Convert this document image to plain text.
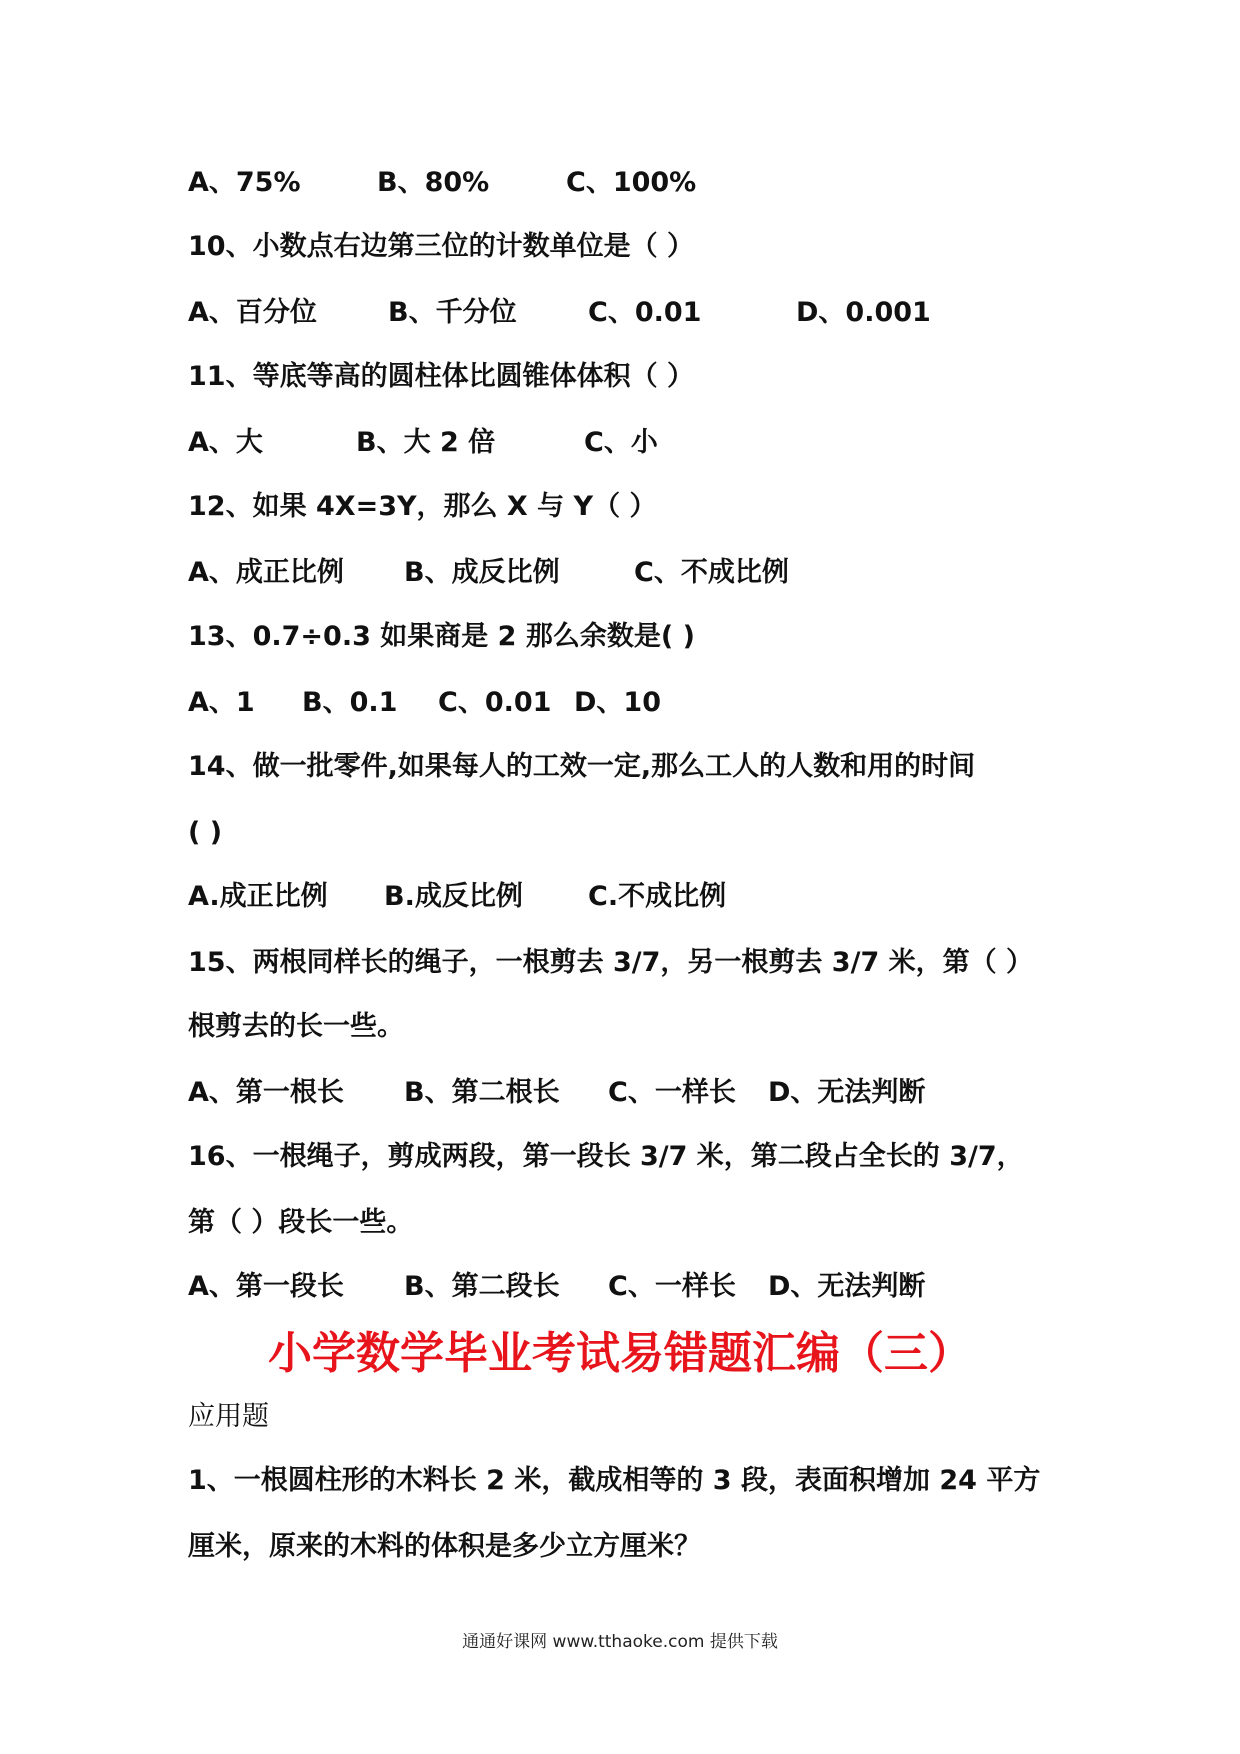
A、75%	B、80%	C、100%
10、小数点右边第三位的计数单位是（ ）
A、百分位	B、千分位	C、0.01	D、0.001
11、等底等高的圆柱体比圆锥体体积（ ）
A、大	B、大 2 倍	C、小
12、如果 4X=3Y，那么 X 与 Y（ ）
A、成正比例 B、成反比例	C、不成比例
13、0.7÷0.3 如果商是 2 那么余数是( )
A、1 B、0.1 C、0.01 D、10
14、做一批零件,如果每人的工效一定,那么工人的人数和用的时间
( )
A.成正比例 B.成反比例 C.不成比例
15、两根同样长的绳子，一根剪去 3/7，另一根剪去 3/7 米，第（ ）
根剪去的长一些。
A、第一根长 B、第二根长 C、一样长 D、无法判断
16、一根绳子，剪成两段，第一段长 3/7 米，第二段占全长的 3/7，
第（ ）段长一些。
A、第一段长 B、第二段长 C、一样长 D、无法判断
小学数学毕业考试易错题汇编（三）
应用题
1、一根圆柱形的木料长 2 米，截成相等的 3 段，表面积增加 24 平方
厘米，原来的木料的体积是多少立方厘米？
通通好课网 www.tthaoke.com 提供下载
